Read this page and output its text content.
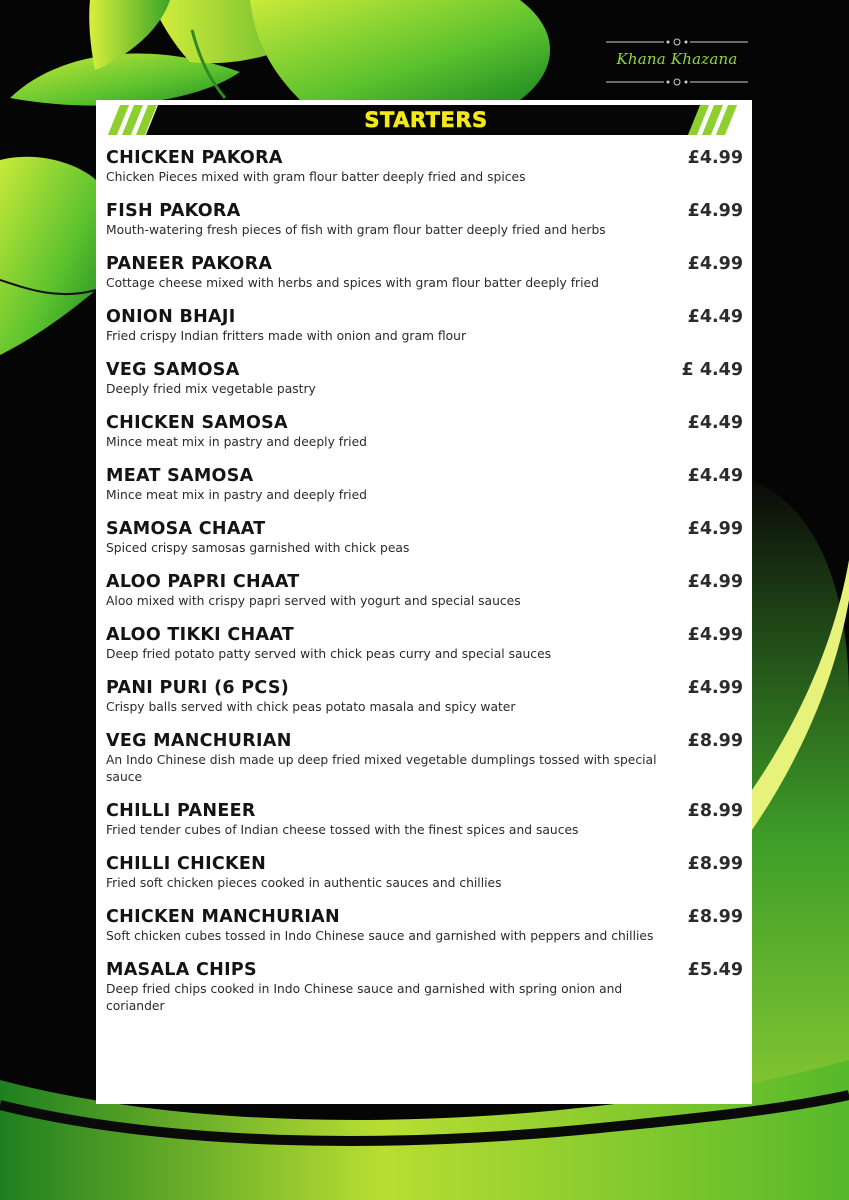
Khana Khazana
STARTERS
CHICKEN PAKORA	£4.99
Chicken Pieces mixed with gram flour batter deeply fried and spices
FISH PAKORA	£4.99
Mouth-watering fresh pieces of fish with gram flour batter deeply fried and herbs
PANEER PAKORA	£4.99
Cottage cheese mixed with herbs and spices with gram flour batter deeply fried
ONION BHAJI	£4.49
Fried crispy Indian fritters made with onion and gram flour
VEG SAMOSA	£ 4.49
Deeply fried mix vegetable pastry
CHICKEN SAMOSA	£4.49
Mince meat mix in pastry and deeply fried
MEAT SAMOSA	£4.49
Mince meat mix in pastry and deeply fried
SAMOSA CHAAT	£4.99
Spiced crispy samosas garnished with chick peas
ALOO PAPRI CHAAT	£4.99
Aloo mixed with crispy papri served with yogurt and special sauces
ALOO TIKKI CHAAT	£4.99
Deep fried potato patty served with chick peas curry and special sauces
PANI PURI (6 PCS)	£4.99
Crispy balls served with chick peas potato masala and spicy water
VEG MANCHURIAN	£8.99
An Indo Chinese dish made up deep fried mixed vegetable dumplings tossed with special sauce
CHILLI PANEER	£8.99
Fried tender cubes of Indian cheese tossed with the finest spices and sauces
CHILLI CHICKEN	£8.99
Fried soft chicken pieces cooked in authentic sauces and chillies
CHICKEN MANCHURIAN	£8.99
Soft chicken cubes tossed in Indo Chinese sauce and garnished with peppers and chillies
MASALA CHIPS	£5.49
Deep fried chips cooked in Indo Chinese sauce and garnished with spring onion and coriander
